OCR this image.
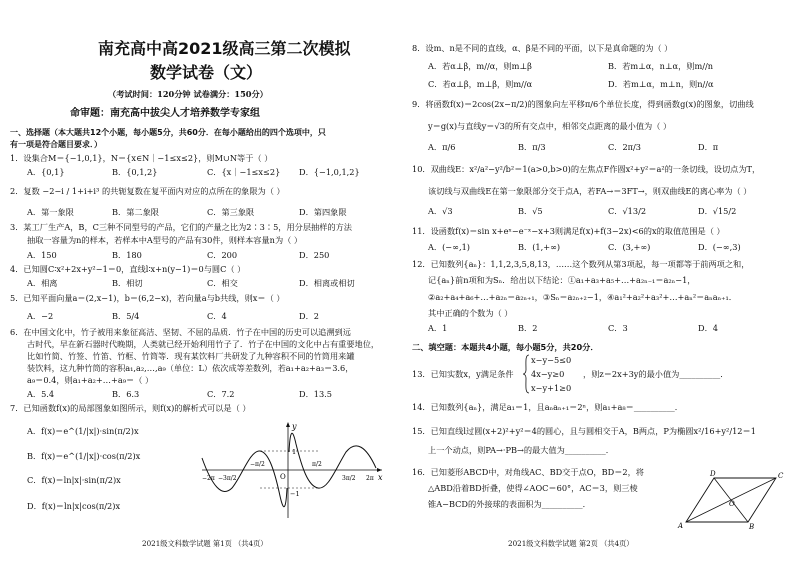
南充高中高2021级高三第二次模拟
数学试卷（文）
（考试时间：120分钟 试卷满分：150分）
命审题：南充高中拔尖人才培养数学专家组
一、选择题（本大题共12个小题，每小题5分，共60分．在每小题给出的四个选项中，只
有一项是符合题目要求．）
1．设集合M＝{−1,0,1}，N＝{x∈N｜−1≤x≤2}，则M∪N等于（ ）
A．{0,1}	B．{0,1,2}	C．{x｜−1≤x≤2} D．{−1,0,1,2}
2．复数 −2−i / 1+i+i³ 的共轭复数在复平面内对应的点所在的象限为（ ）
A．第一象限	B．第二象限	C．第三象限	D．第四象限
3．某工厂生产A，B，C三种不同型号的产品，它们的产量之比为2∶3∶5，用分层抽样的方法
抽取一容量为n的样本，若样本中A型号的产品有30件，则样本容量n为（ ）
A．150	B．180	C．200	D．250
4．已知圆C∶x²+2x+y²−1＝0，直线l∶x+n(y−1)＝0与圆C（ ）
A．相离	B．相切	C．相交	D．相离或相切
5．已知平面向量a＝(2,x−1)，b＝(6,2−x)，若向量a与b共线，则x＝（ ）
A．−2	B．5/4	C．4	D．2
6．在中国文化中，竹子被用来象征高洁、坚韧、不屈的品质．竹子在中国的历史可以追溯到远
古时代，早在新石器时代晚期，人类就已经开始利用竹子了．竹子在中国的文化中占有重要地位，
比如竹简、竹签、竹笛、竹框、竹筒等．现有某饮料厂共研发了九种容积不同的竹筒用来罐
装饮料，这九种竹筒的容积a₁,a₂,…,a₉（单位：L）依次成等差数列，若a₁+a₂+a₃＝3.6，
a₉＝0.4，则a₁+a₂+…+a₉＝（ ）
A．5.4	B．6.3	C．7.2	D．13.5
7．已知函数f(x)的局部图象如图所示，则f(x)的解析式可以是（ ）
A．f(x)＝e^(1/|x|)·sin(π/2)x
B．f(x)＝e^(1/|x|)·cos(π/2)x
C．f(x)＝ln|x|·sin(π/2)x
D．f(x)＝ln|x|cos(π/2)x
y
x
O
1
−1
−π/2	π/2
−3π/2	3π/2
−2π	2π
2021级文科数学试题 第1页 （共4页）
8．设m、n是不同的直线，α、β是不同的平面，以下是真命题的为（ ）
A．若α⊥β，m//α，则m⊥β	B．若m⊥α，n⊥α，则m//n
C．若α⊥β，m⊥β，则m//α	D．若m⊥α，m⊥n，则n//α
9．将函数f(x)＝2cos(2x−π/2)的图象向左平移π/6个单位长度，得到函数g(x)的图象，切曲线
y＝g(x)与直线y＝√3的所有交点中，相邻交点距离的最小值为（ ）
A．π/6	B．π/3	C．2π/3	D．π
10．双曲线E：x²/a²−y²/b²＝1(a>0,b>0)的左焦点F作圆x²+y²＝a²的一条切线，设切点为T，
该切线与双曲线E在第一象限部分交于点A，若FA→＝3FT→，则双曲线E的离心率为（ ）
A．√3	B．√5	C．√13/2	D．√15/2
11．设函数f(x)＝sin x+eˣ−e⁻ˣ−x+3则满足f(x)+f(3−2x)<6的x的取值范围是（ ）
A．(−∞,1)	B．(1,+∞)	C．(3,+∞)	D．(−∞,3)
12．已知数列{aₙ}：1,1,2,3,5,8,13，……这个数列从第3项起，每一项都等于前两项之和，
记{aₙ}前n项和为Sₙ．给出以下结论：①a₁+a₃+a₅+…+a₂ₙ₋₁＝a₂ₙ−1，
②a₂+a₄+a₆+…+a₂ₙ＝a₂ₙ₊₁，③Sₙ＝a₂ₙ₊₂−1，④a₁²+a₂²+a₃²+…+aₙ²＝aₙaₙ₊₁．
其中正确的个数为（ ）
A．1	B．2	C．3	D．4
二、填空题：本题共4小题，每小题5分，共20分．
13．已知实数x，y满足条件
x−y−5≤0
4x−y≥0
x−y+1≥0
，则z＝2x+3y的最小值为__________．
14．已知数列{aₙ}，满足a₁＝1，且aₙaₙ₊₁＝2ⁿ，则a₁+a₈＝__________．
15．已知直线l过圆(x+2)²+y²＝4的圆心，且与圆相交于A，B两点，P为椭圆x²/16+y²/12＝1
上一个动点，则PA→·PB→的最大值为__________．
16．已知菱形ABCD中，对角线AC、BD交于点O，BD＝2，将
△ABD沿着BD折叠，使得∠AOC＝60°，AC＝3，则三棱
锥A−BCD的外接球的表面积为__________．
D	C
O
A	B
2021级文科数学试题 第2页 （共4页）
